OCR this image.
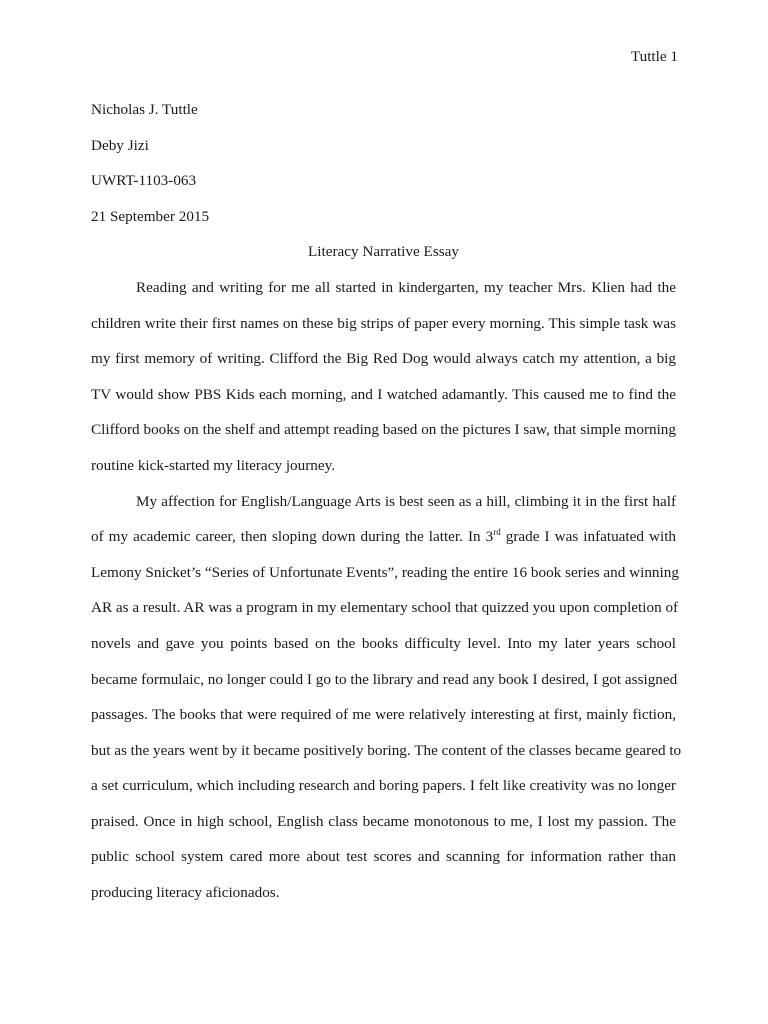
Tuttle 1
Nicholas J. Tuttle
Deby Jizi
UWRT-1103-063
21 September 2015
Literacy Narrative Essay
Reading and writing for me all started in kindergarten, my teacher Mrs. Klien had the
children write their first names on these big strips of paper every morning. This simple task was
my first memory of writing. Clifford the Big Red Dog would always catch my attention, a big
TV would show PBS Kids each morning, and I watched adamantly. This caused me to find the
Clifford books on the shelf and attempt reading based on the pictures I saw, that simple morning
routine kick-started my literacy journey.
My affection for English/Language Arts is best seen as a hill, climbing it in the first half
of my academic career, then sloping down during the latter. In 3rd grade I was infatuated with
Lemony Snicket’s “Series of Unfortunate Events”, reading the entire 16 book series and winning
AR as a result. AR was a program in my elementary school that quizzed you upon completion of
novels and gave you points based on the books difficulty level. Into my later years school
became formulaic, no longer could I go to the library and read any book I desired, I got assigned
passages. The books that were required of me were relatively interesting at first, mainly fiction,
but as the years went by it became positively boring. The content of the classes became geared to
a set curriculum, which including research and boring papers. I felt like creativity was no longer
praised. Once in high school, English class became monotonous to me, I lost my passion. The
public school system cared more about test scores and scanning for information rather than
producing literacy aficionados.
